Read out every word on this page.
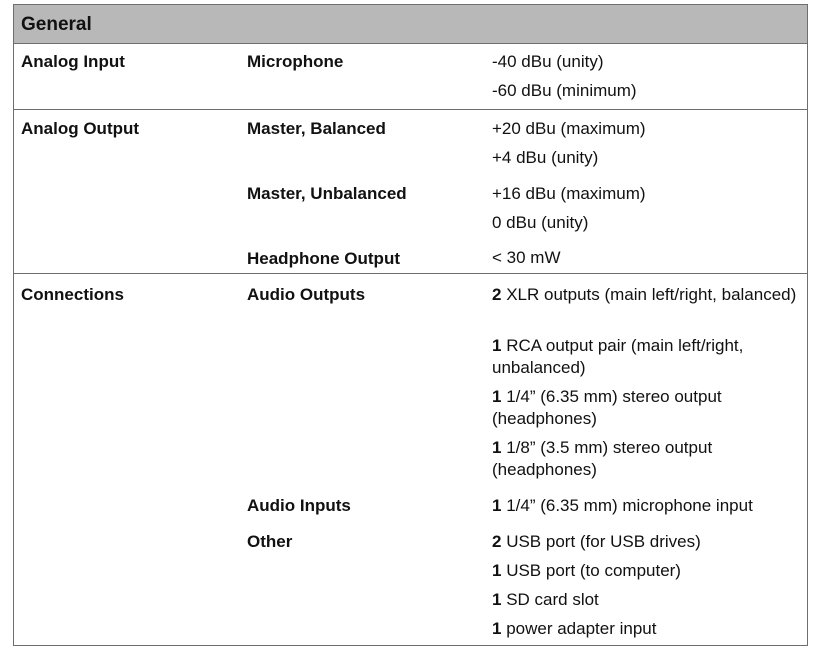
General
Analog Input	Microphone	-40 dBu (unity)
-60 dBu (minimum)
Analog Output	Master, Balanced	+20 dBu (maximum)
+4 dBu (unity)
Master, Unbalanced	+16 dBu (maximum)
0 dBu (unity)
Headphone Output	< 30 mW
Connections	Audio Outputs	2 XLR outputs (main left/right, balanced)
1 RCA output pair (main left/right, unbalanced)
1 1/4” (6.35 mm) stereo output (headphones)
1 1/8” (3.5 mm) stereo output (headphones)
Audio Inputs	1 1/4” (6.35 mm) microphone input
Other	2 USB port (for USB drives)
1 USB port (to computer)
1 SD card slot
1 power adapter input
